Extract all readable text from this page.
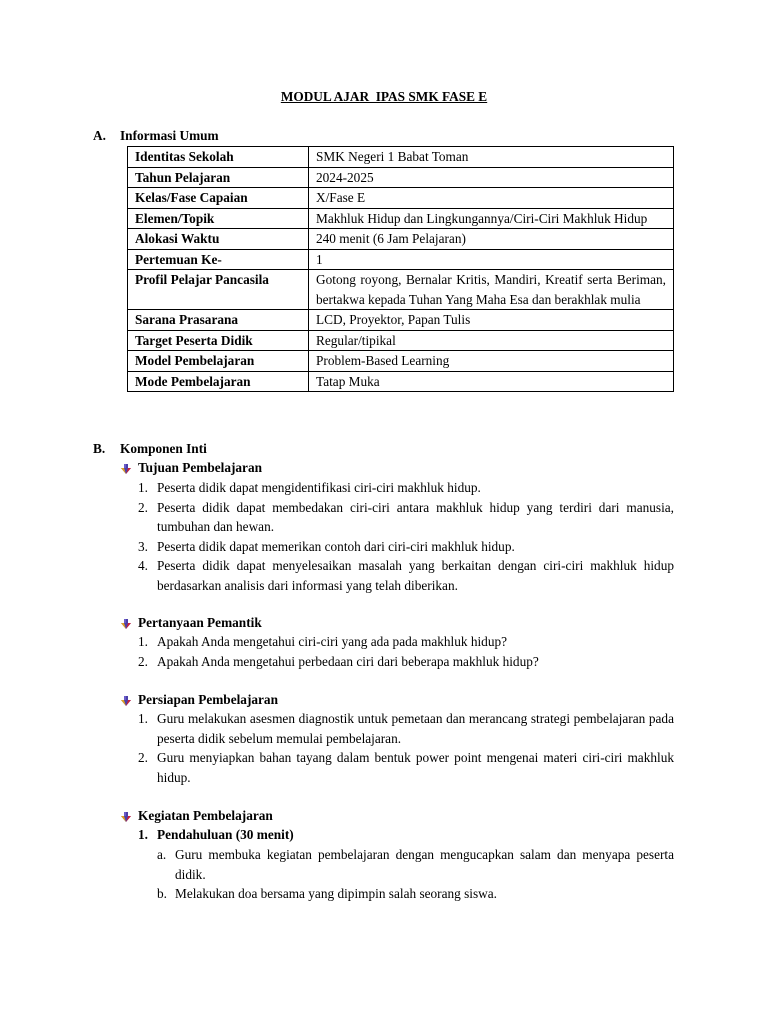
MODUL AJAR  IPAS SMK FASE E
A. Informasi Umum
Identitas Sekolah	SMK Negeri 1 Babat Toman
Tahun Pelajaran	2024-2025
Kelas/Fase Capaian	X/Fase E
Elemen/Topik	Makhluk Hidup dan Lingkungannya/Ciri-Ciri Makhluk Hidup
Alokasi Waktu	240 menit (6 Jam Pelajaran)
Pertemuan Ke-	1
Profil Pelajar Pancasila	Gotong royong, Bernalar Kritis, Mandiri, Kreatif serta Beriman, bertakwa kepada Tuhan Yang Maha Esa dan berakhlak mulia
Sarana Prasarana	LCD, Proyektor, Papan Tulis
Target Peserta Didik	Regular/tipikal
Model Pembelajaran	Problem-Based Learning
Mode Pembelajaran	Tatap Muka
B. Komponen Inti
Tujuan Pembelajaran
1. Peserta didik dapat mengidentifikasi ciri-ciri makhluk hidup.
2. Peserta didik dapat membedakan ciri-ciri antara makhluk hidup yang terdiri dari manusia, tumbuhan dan hewan.
3. Peserta didik dapat memerikan contoh dari ciri-ciri makhluk hidup.
4. Peserta didik dapat menyelesaikan masalah yang berkaitan dengan ciri-ciri makhluk hidup berdasarkan analisis dari informasi yang telah diberikan.
Pertanyaan Pemantik
1. Apakah Anda mengetahui ciri-ciri yang ada pada makhluk hidup?
2. Apakah Anda mengetahui perbedaan ciri dari beberapa makhluk hidup?
Persiapan Pembelajaran
1. Guru melakukan asesmen diagnostik untuk pemetaan dan merancang strategi pembelajaran pada peserta didik sebelum memulai pembelajaran.
2. Guru menyiapkan bahan tayang dalam bentuk power point mengenai materi ciri-ciri makhluk hidup.
Kegiatan Pembelajaran
1. Pendahuluan (30 menit)
a. Guru membuka kegiatan pembelajaran dengan mengucapkan salam dan menyapa peserta didik.
b. Melakukan doa bersama yang dipimpin salah seorang siswa.
